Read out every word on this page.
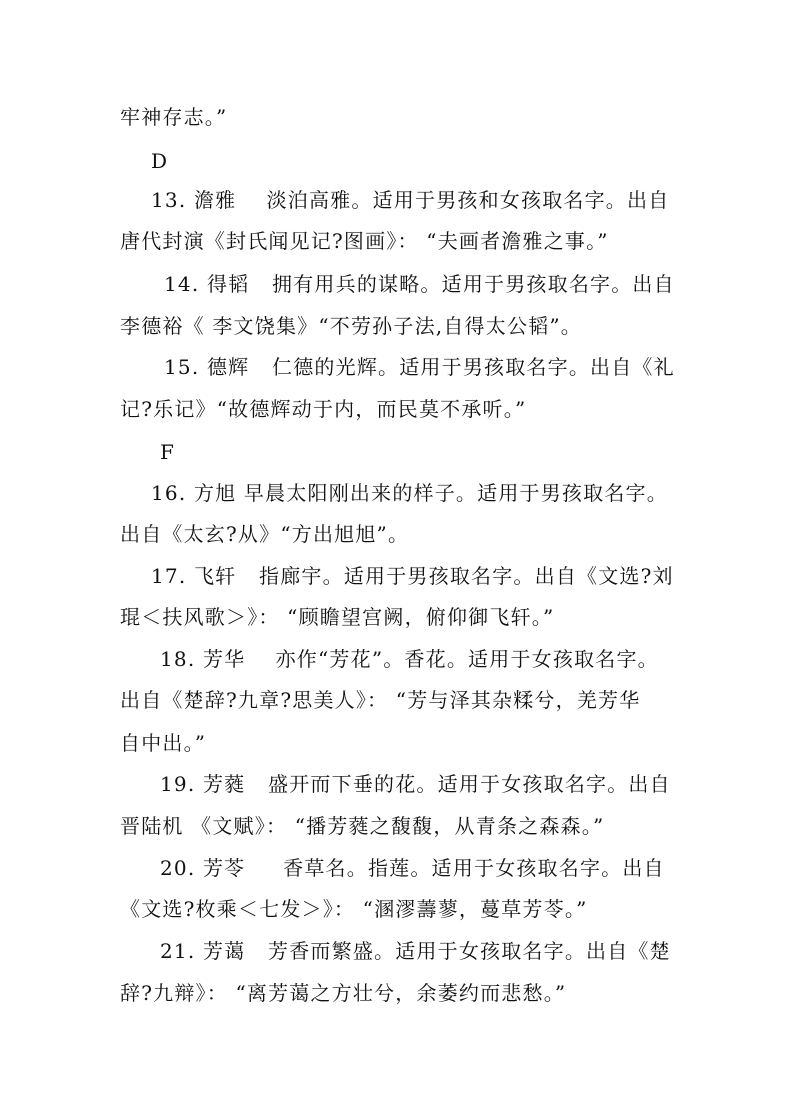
牢神存志。”
D
13. 澹雅    淡泊高雅。适用于男孩和女孩取名字。出自
唐代封演《封氏闻见记?图画》： “夫画者澹雅之事。”
14. 得韬   拥有用兵的谋略。适用于男孩取名字。出自
李德裕《 李文饶集》“不劳孙子法,自得太公韬”。
15. 德辉   仁德的光辉。适用于男孩取名字。出自《礼
记?乐记》“故德辉动于内，而民莫不承听。”
F
16. 方旭 早晨太阳刚出来的样子。适用于男孩取名字。
出自《太玄?从》“方出旭旭”。
17. 飞轩   指廊宇。适用于男孩取名字。出自《文选?刘
琨＜扶风歌＞》： “顾瞻望宫阙，俯仰御飞轩。”
18. 芳华    亦作“芳花”。香花。适用于女孩取名字。
出自《楚辞?九章?思美人》： “芳与泽其杂糅兮，羌芳华
自中出。”
19. 芳蕤   盛开而下垂的花。适用于女孩取名字。出自
晋陆机 《文赋》： “播芳蕤之馥馥，从青条之森森。”
20. 芳苓     香草名。指莲。适用于女孩取名字。出自
《文选?枚乘＜七发＞》： “溷漻薵蓼，蔓草芳苓。”
21. 芳蔼   芳香而繁盛。适用于女孩取名字。出自《楚
辞?九辩》： “离芳蔼之方壮兮，余萎约而悲愁。”
